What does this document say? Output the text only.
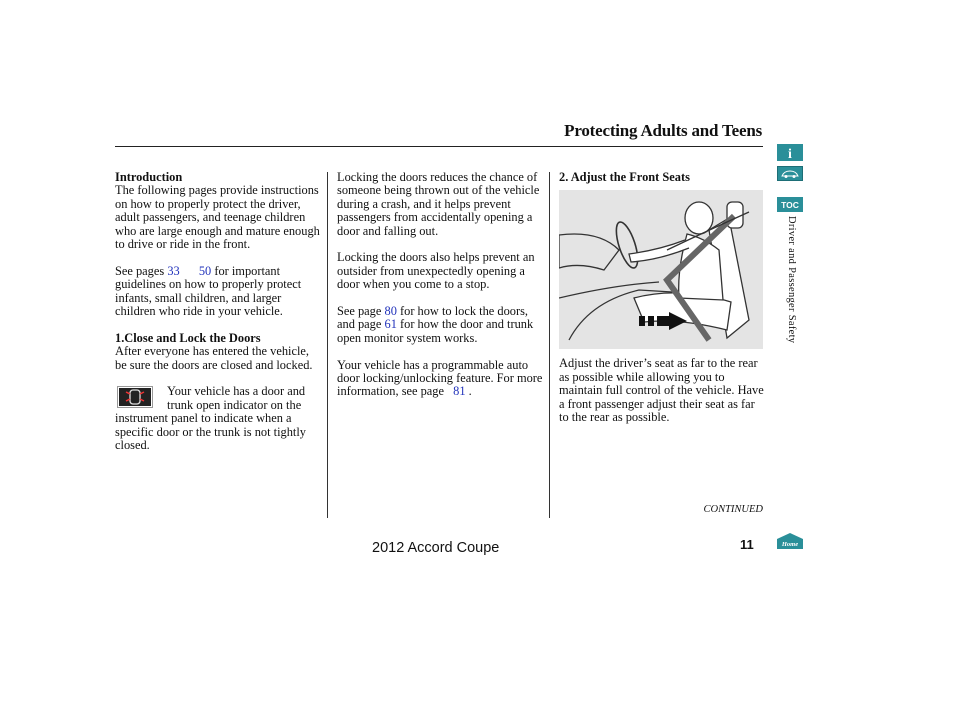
Protecting Adults and Teens
Introduction

The following pages provide instructions on how to properly protect the driver, adult passengers, and teenage children who are large enough and mature enough to drive or ride in the front.

See pages 33 50 for important guidelines on how to properly protect infants, small children, and larger children who ride in your vehicle.

1.Close and Lock the Doors

After everyone has entered the vehicle, be sure the doors are closed and locked.

Your vehicle has a door and trunk open indicator on the instrument panel to indicate when a specific door or the trunk is not tightly closed.

Locking the doors reduces the chance of someone being thrown out of the vehicle during a crash, and it helps prevent passengers from accidentally opening a door and falling out.

Locking the doors also helps prevent an outsider from unexpectedly opening a door when you come to a stop.

See page 80 for how to lock the doors, and page 61 for how the door and trunk open monitor system works.

Your vehicle has a programmable auto door locking/unlocking feature. For more information, see page 81 .

2. Adjust the Front Seats

Adjust the driver’s seat as far to the rear as possible while allowing you to maintain full control of the vehicle. Have a front passenger adjust their seat as far to the rear as possible.

CONTINUED
2012 Accord Coupe	11
i
TOC
Driver and Passenger Safety
Home
